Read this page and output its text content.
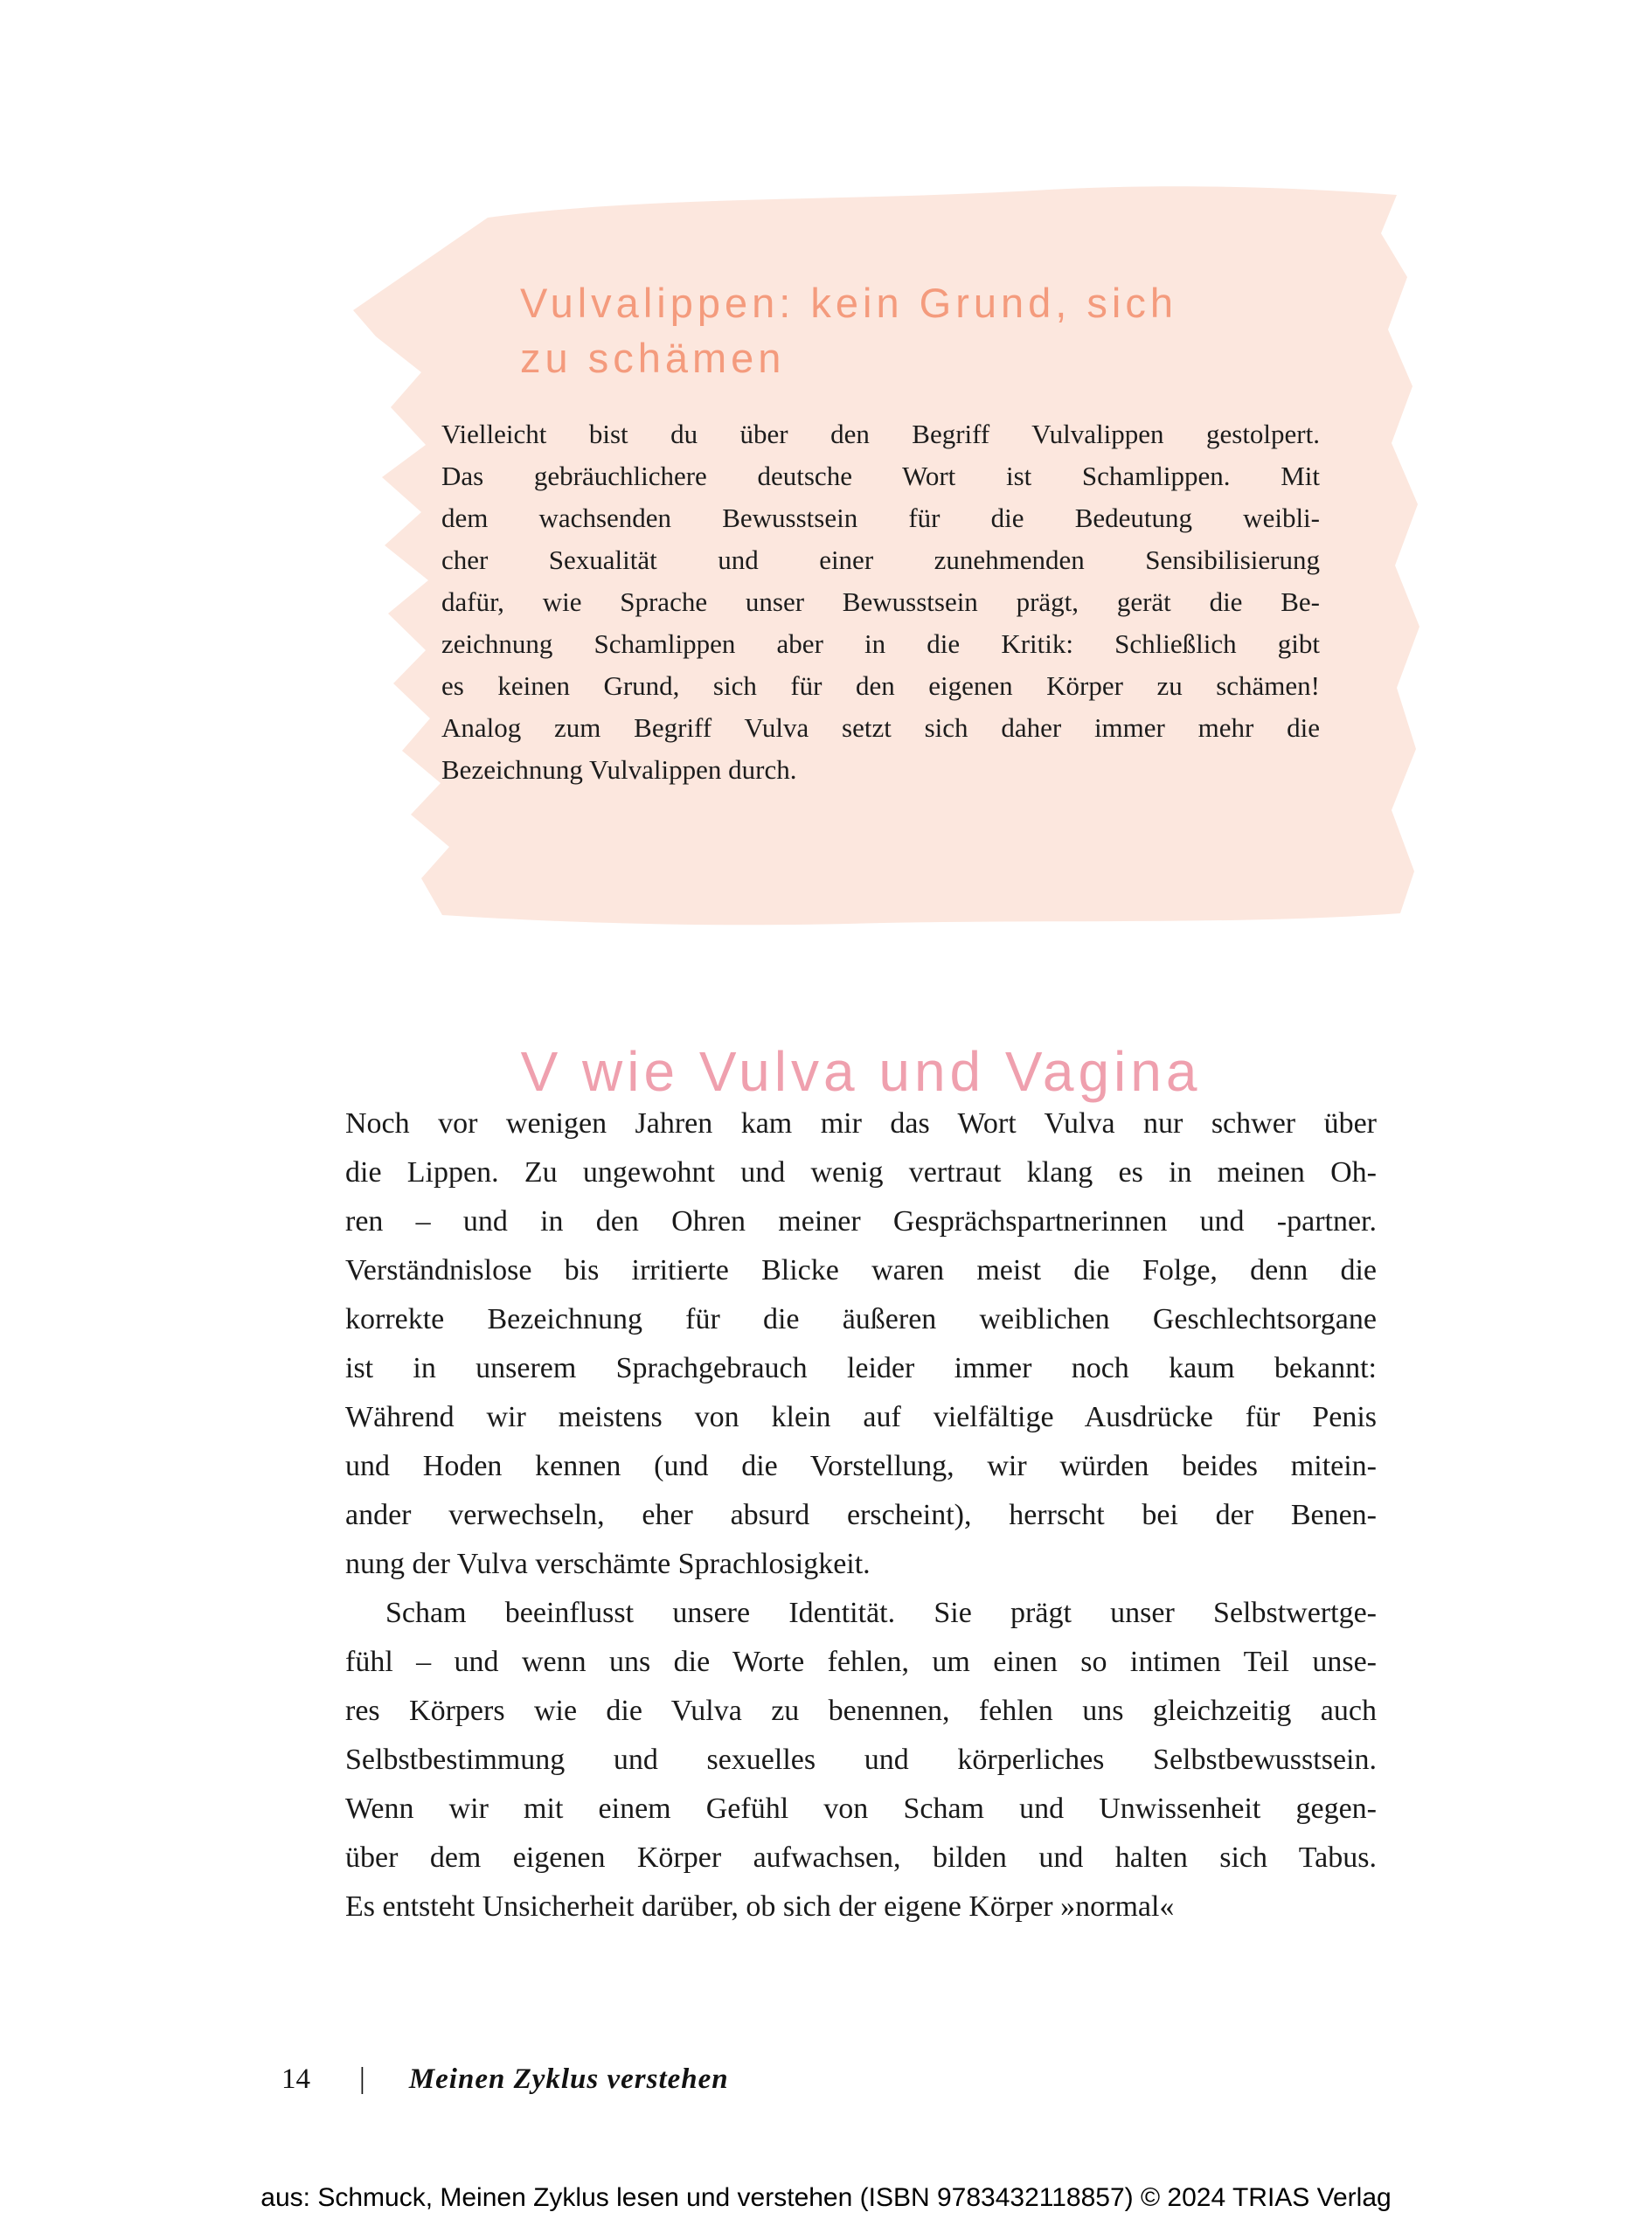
Vulvalippen: kein Grund, sich
zu schämen
Vielleicht bist du über den Begriff Vulvalippen gestolpert.
Das gebräuchlichere deutsche Wort ist Schamlippen. Mit
dem wachsenden Bewusstsein für die Bedeutung weibli-
cher Sexualität und einer zunehmenden Sensibilisierung
dafür, wie Sprache unser Bewusstsein prägt, gerät die Be-
zeichnung Schamlippen aber in die Kritik: Schließlich gibt
es keinen Grund, sich für den eigenen Körper zu schämen!
Analog zum Begriff Vulva setzt sich daher immer mehr die
Bezeichnung Vulvalippen durch.
V wie Vulva und Vagina
Noch vor wenigen Jahren kam mir das Wort Vulva nur schwer über
die Lippen. Zu ungewohnt und wenig vertraut klang es in meinen Oh-
ren – und in den Ohren meiner Gesprächspartnerinnen und -partner.
Verständnislose bis irritierte Blicke waren meist die Folge, denn die
korrekte Bezeichnung für die äußeren weiblichen Geschlechtsorgane
ist in unserem Sprachgebrauch leider immer noch kaum bekannt:
Während wir meistens von klein auf vielfältige Ausdrücke für Penis
und Hoden kennen (und die Vorstellung, wir würden beides mitein-
ander verwechseln, eher absurd erscheint), herrscht bei der Benen-
nung der Vulva verschämte Sprachlosigkeit.
Scham beeinflusst unsere Identität. Sie prägt unser Selbstwertge-
fühl – und wenn uns die Worte fehlen, um einen so intimen Teil unse-
res Körpers wie die Vulva zu benennen, fehlen uns gleichzeitig auch
Selbstbestimmung und sexuelles und körperliches Selbstbewusstsein.
Wenn wir mit einem Gefühl von Scham und Unwissenheit gegen-
über dem eigenen Körper aufwachsen, bilden und halten sich Tabus.
Es entsteht Unsicherheit darüber, ob sich der eigene Körper »normal«
14 | Meinen Zyklus verstehen
aus: Schmuck, Meinen Zyklus lesen und verstehen (ISBN 9783432118857) © 2024 TRIAS Verlag
